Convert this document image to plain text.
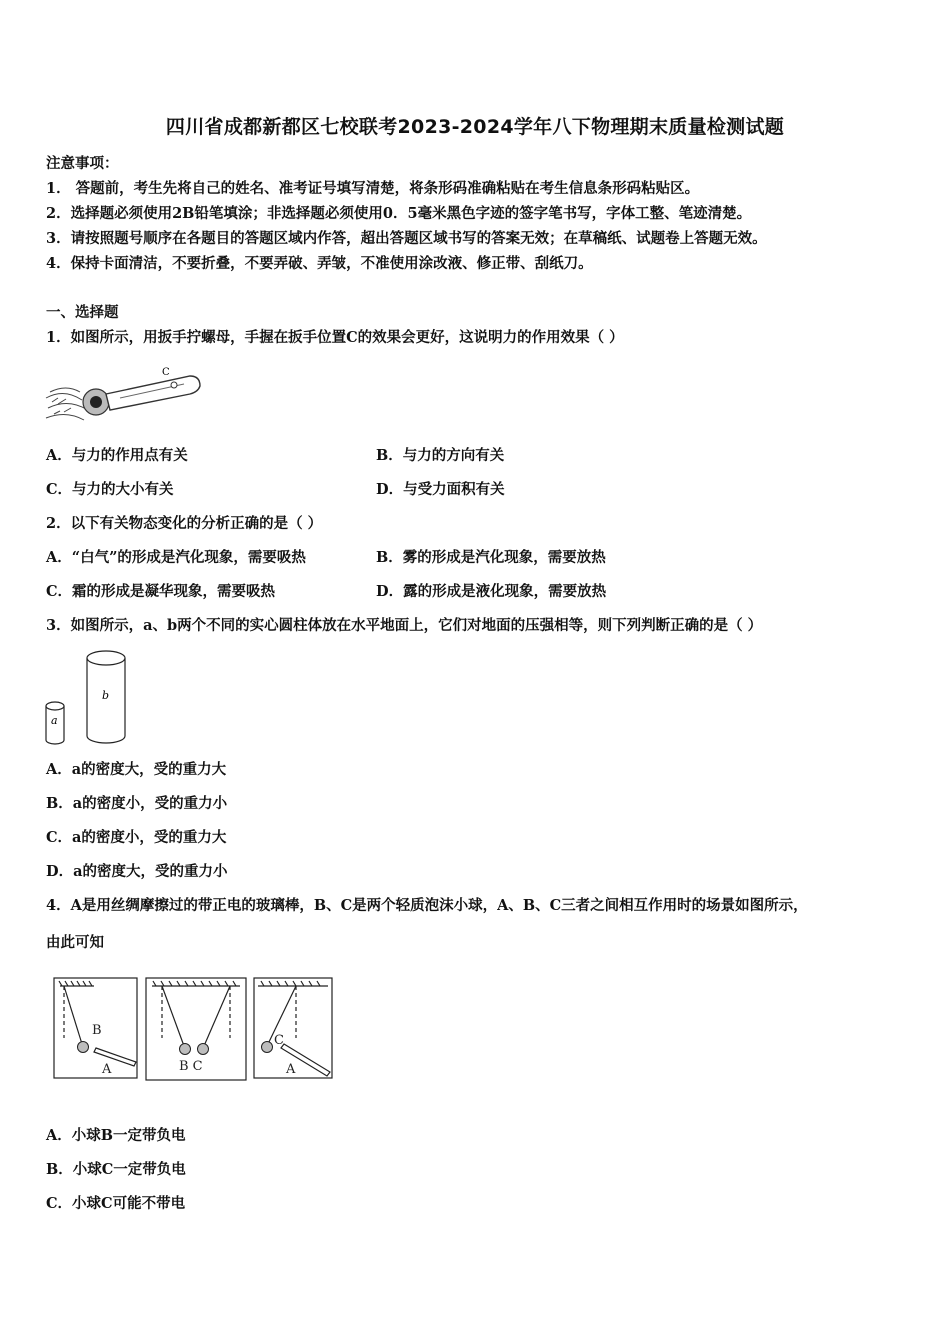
四川省成都新都区七校联考2023-2024学年八下物理期末质量检测试题
注意事项：
1． 答题前，考生先将自己的姓名、准考证号填写清楚，将条形码准确粘贴在考生信息条形码粘贴区。
2．选择题必须使用2B铅笔填涂；非选择题必须使用0．5毫米黑色字迹的签字笔书写，字体工整、笔迹清楚。
3．请按照题号顺序在各题目的答题区域内作答，超出答题区域书写的答案无效；在草稿纸、试题卷上答题无效。
4．保持卡面清洁，不要折叠，不要弄破、弄皱，不准使用涂改液、修正带、刮纸刀。
一、选择题
1．如图所示，用扳手拧螺母，手握在扳手位置C的效果会更好，这说明力的作用效果（ ）
C
A．与力的作用点有关	B．与力的方向有关
C．与力的大小有关	D．与受力面积有关
2．以下有关物态变化的分析正确的是（ ）
A．“白气”的形成是汽化现象，需要吸热	B．雾的形成是汽化现象，需要放热
C．霜的形成是凝华现象，需要吸热	D．露的形成是液化现象，需要放热
3．如图所示，a、b两个不同的实心圆柱体放在水平地面上，它们对地面的压强相等，则下列判断正确的是（ ）
a
b
A．a的密度大，受的重力大
B．a的密度小，受的重力小
C．a的密度小，受的重力大
D．a的密度大，受的重力小
4．A是用丝绸摩擦过的带正电的玻璃棒，B、C是两个轻质泡沫小球，A、B、C三者之间相互作用时的场景如图所示，
由此可知
B
A	B C
C
A
A．小球B一定带负电
B．小球C一定带负电
C．小球C可能不带电
